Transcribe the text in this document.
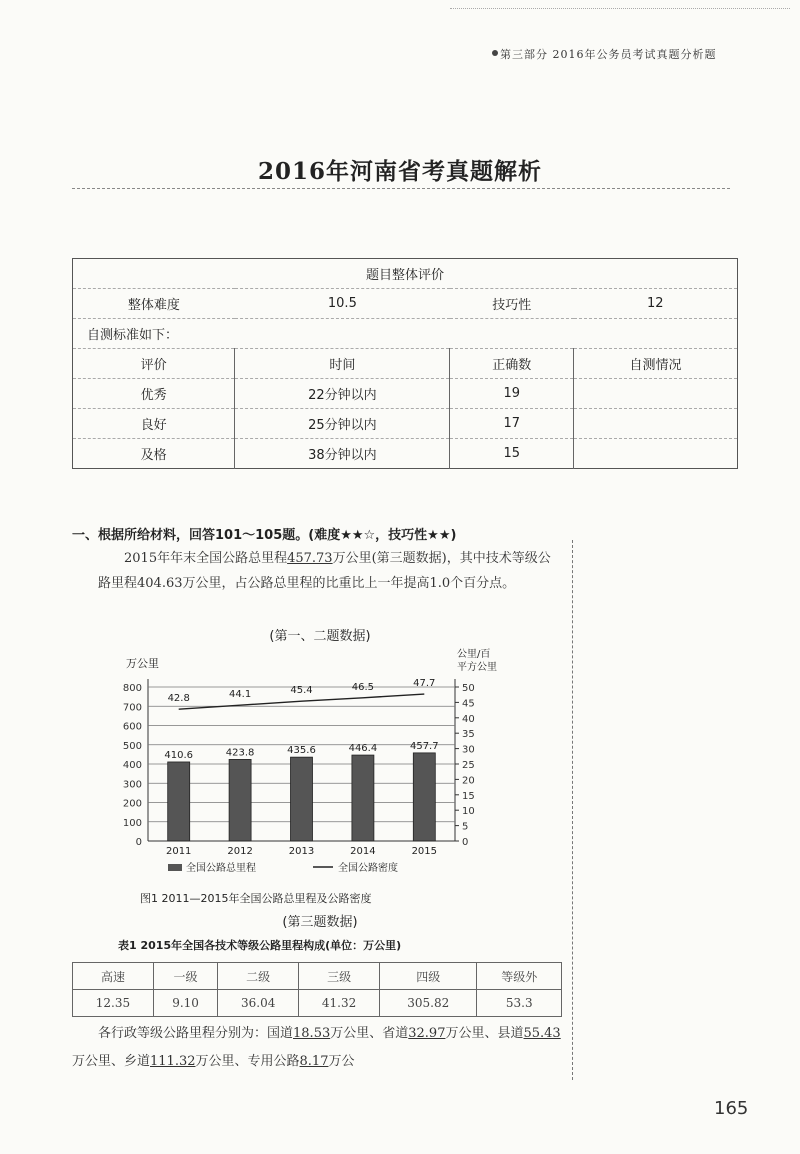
第三部分 2016年公务员考试真题分析题
2016年河南省考真题解析
题目整体评价			
整体难度	10.5	技巧性	12
自测标准如下：			
评价	时间	正确数	自测情况
优秀	22分钟以内	19	
良好	25分钟以内	17	
及格	38分钟以内	15	
一、根据所给材料，回答101～105题。(难度★★☆，技巧性★★)
2015年年末全国公路总里程457.73万公里(第三题数据)，其中技术等级公路里程404.63万公里，占公路总里程的比重比上一年提高1.0个百分点。
(第一、二题数据)
0
100
200
300
400
500
600
700
800
0
5
10
15
20
25
30
35
40
45
50
万公里
公里/百
平方公里
410.6
42.8
2011
423.8
44.1
2012
435.6
45.4
2013
446.4
46.5
2014
457.7
47.7
2015
全国公路总里程	全国公路密度
图1 2011—2015年全国公路总里程及公路密度
(第三题数据)
表1 2015年全国各技术等级公路里程构成(单位：万公里)
高速	一级	二级	三级	四级	等级外
12.35	9.10	36.04	41.32	305.82	53.3
各行政等级公路里程分别为：国道18.53万公里、省道32.97万公里、县道55.43万公里、乡道111.32万公里、专用公路8.17万公
165
